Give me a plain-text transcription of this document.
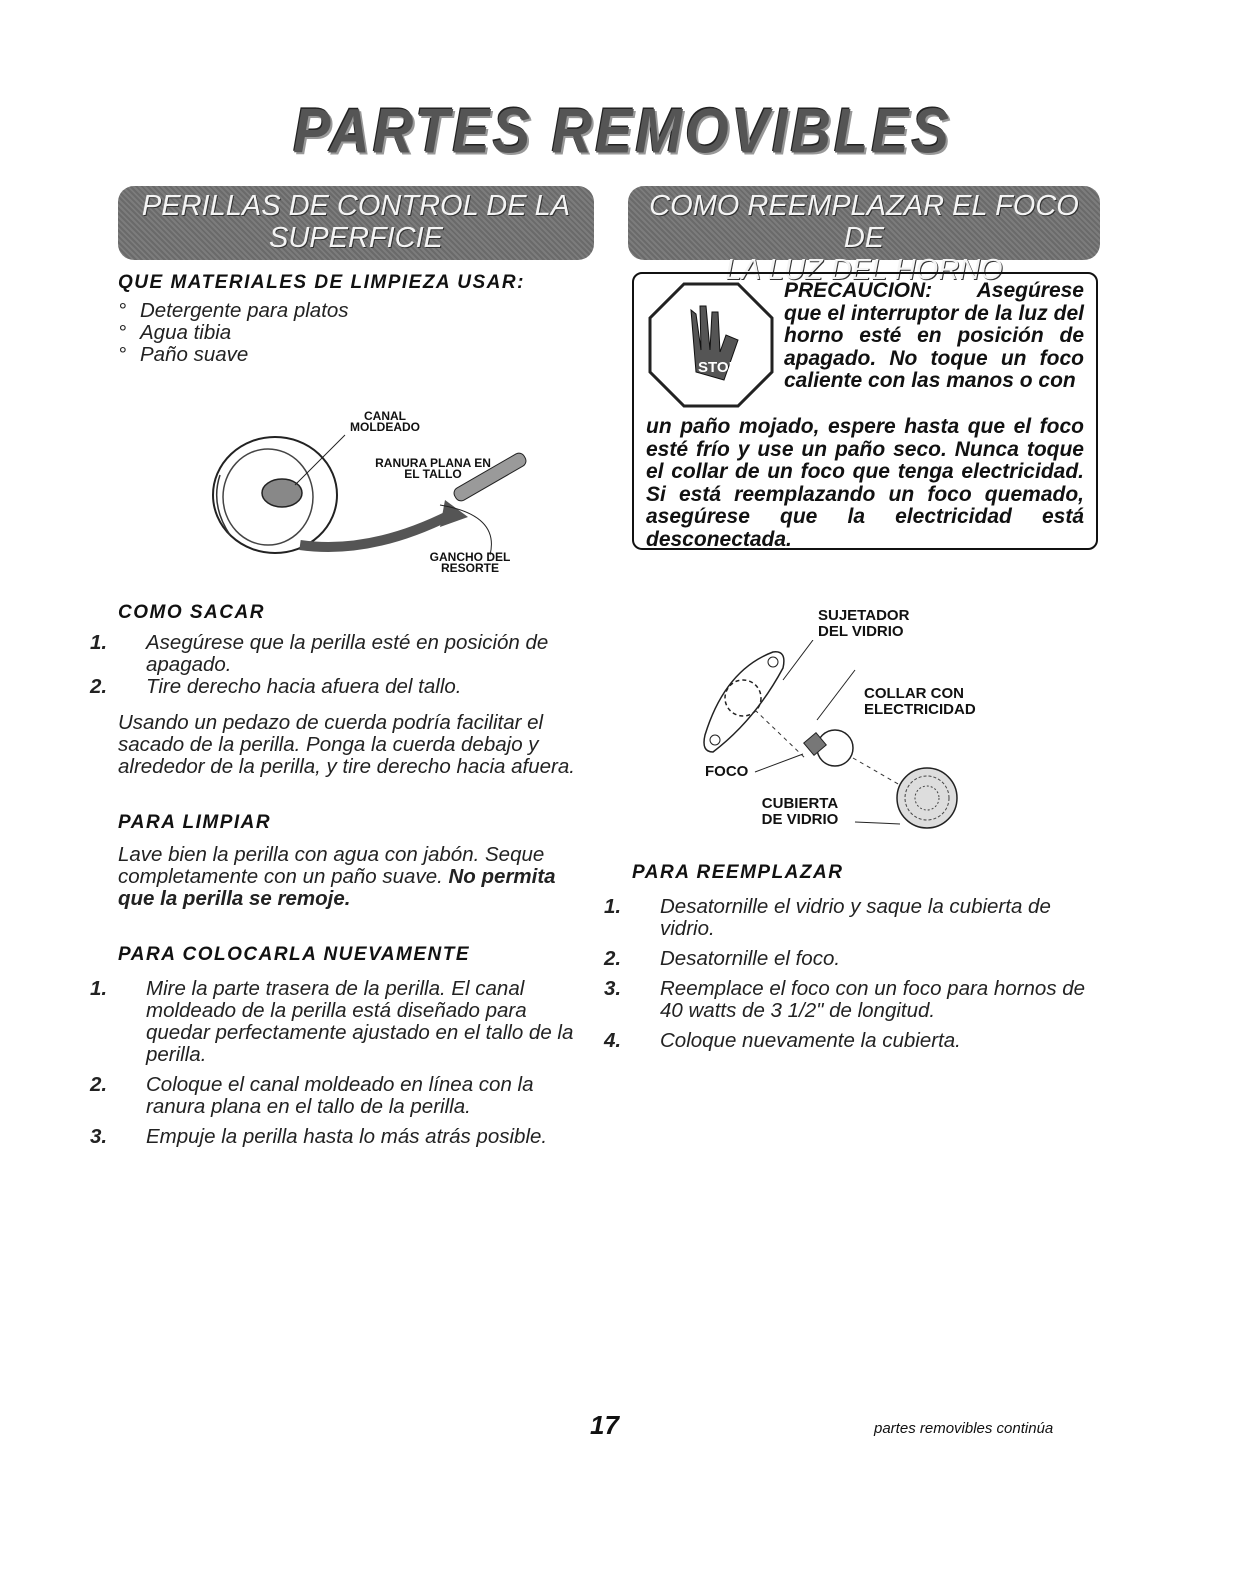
PARTES REMOVIBLES
PERILLAS DE CONTROL DE LA
SUPERFICIE
QUE MATERIALES DE LIMPIEZA USAR:
° Detergente para platos
° Agua tibia
° Paño suave
CANAL MOLDEADO
RANURA PLANA EN EL TALLO
GANCHO DEL RESORTE
COMO SACAR
1. Asegúrese que la perilla esté en posición de apagado.
2. Tire derecho hacia afuera del tallo.
Usando un pedazo de cuerda podría facilitar el sacado de la perilla. Ponga la cuerda debajo y alrededor de la perilla, y tire derecho hacia afuera.
PARA LIMPIAR
Lave bien la perilla con agua con jabón. Seque completamente con un paño suave. No permita que la perilla se remoje.
PARA COLOCARLA NUEVAMENTE
1. Mire la parte trasera de la perilla. El canal moldeado de la perilla está diseñado para quedar perfectamente ajustado en el tallo de la perilla.
2. Coloque el canal moldeado en línea con la ranura plana en el tallo de la perilla.
3. Empuje la perilla hasta lo más atrás posible.
COMO REEMPLAZAR EL FOCO DE
LA LUZ DEL HORNO
STOP!
PRECAUCION: Asegúrese que el interruptor de la luz del horno esté en posición de apagado. No toque un foco caliente con las manos o con
un paño mojado, espere hasta que el foco esté frío y use un paño seco. Nunca toque el collar de un foco que tenga electricidad. Si está reemplazando un foco quemado, asegúrese que la electricidad está desconectada.
SUJETADOR DEL VIDRIO
COLLAR CON ELECTRICIDAD
FOCO
CUBIERTA DE VIDRIO
PARA REEMPLAZAR
1. Desatornille el vidrio y saque la cubierta de vidrio.
2. Desatornille el foco.
3. Reemplace el foco con un foco para hornos de 40 watts de 3 1/2" de longitud.
4. Coloque nuevamente la cubierta.
17	partes removibles continúa
